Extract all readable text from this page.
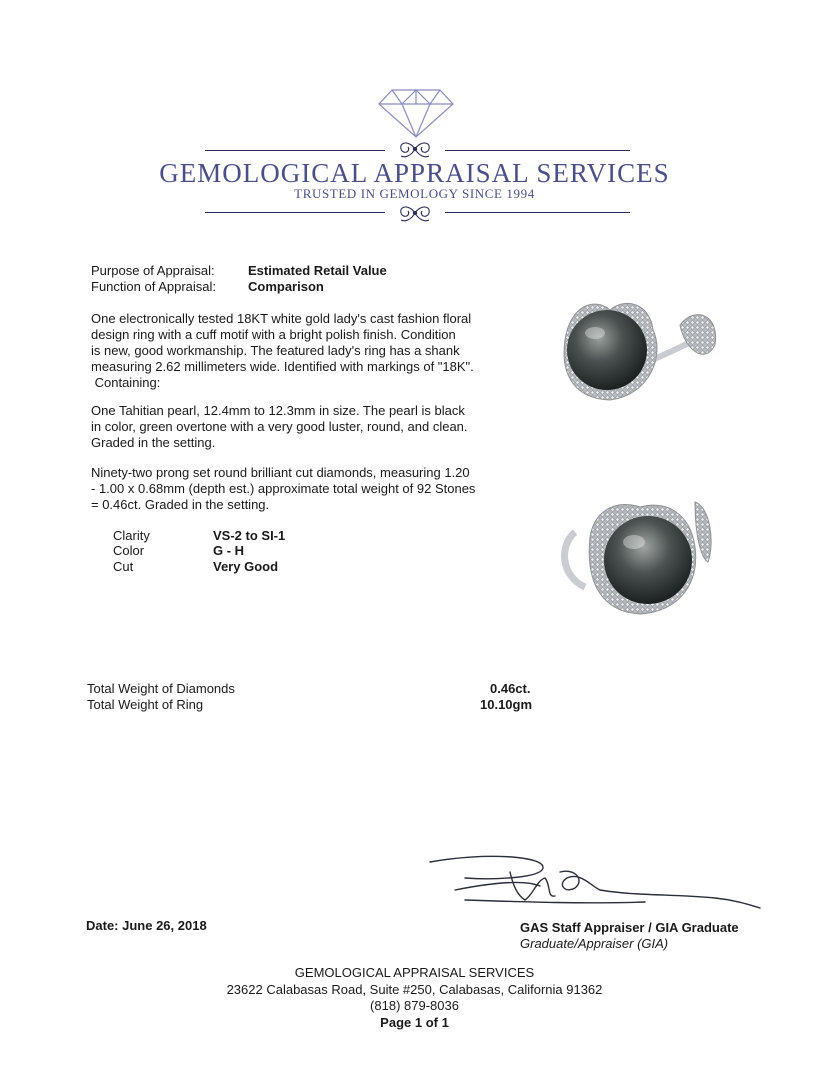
GEMOLOGICAL APPRAISAL SERVICES
TRUSTED IN GEMOLOGY SINCE 1994
Purpose of Appraisal:	Estimated Retail Value
Function of Appraisal: Comparison
One electronically tested 18KT white gold lady's cast fashion floral
design ring with a cuff motif with a bright polish finish. Condition
is new, good workmanship. The featured lady's ring has a shank
measuring 2.62 millimeters wide. Identified with markings of "18K".
Containing:
One Tahitian pearl, 12.4mm to 12.3mm in size. The pearl is black
in color, green overtone with a very good luster, round, and clean.
Graded in the setting.
Ninety-two prong set round brilliant cut diamonds, measuring 1.20
- 1.00 x 0.68mm (depth est.) approximate total weight of 92 Stones
= 0.46ct. Graded in the setting.
Clarity	VS-2 to SI-1
Color	G - H
Cut	Very Good
Total Weight of Diamonds	0.46ct.
Total Weight of Ring	10.10gm
Date: June 26, 2018	GAS Staff Appraiser / GIA Graduate
Graduate/Appraiser (GIA)
GEMOLOGICAL APPRAISAL SERVICES
23622 Calabasas Road, Suite #250, Calabasas, California 91362
(818) 879-8036
Page 1 of 1
